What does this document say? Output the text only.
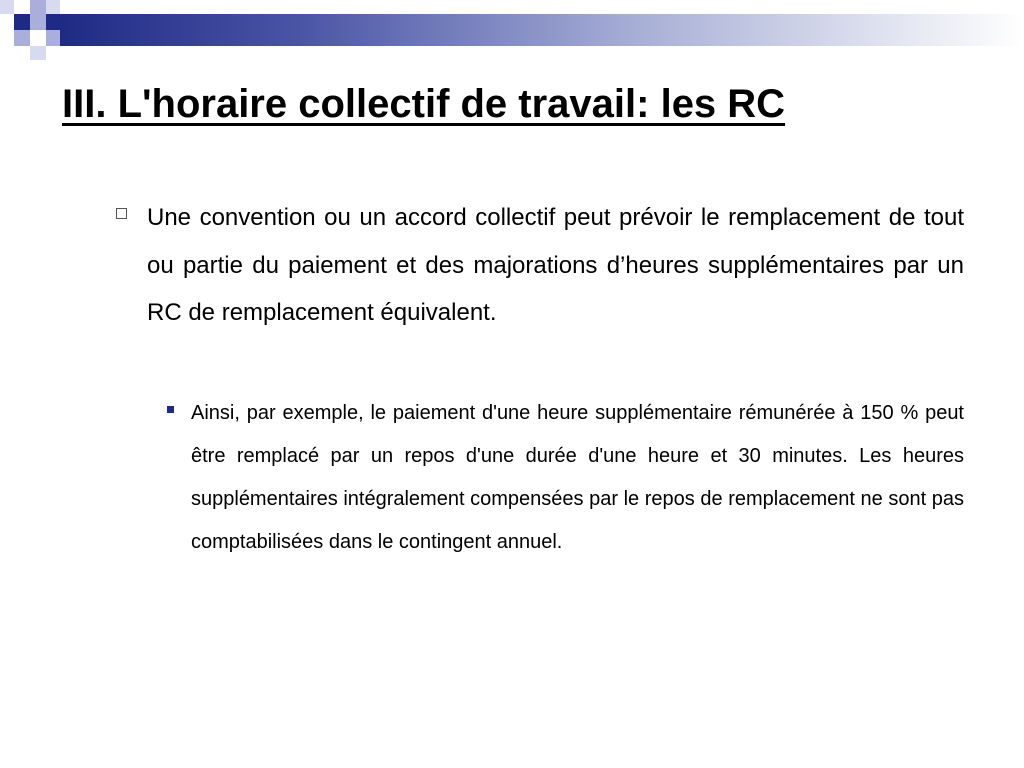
III. L'horaire collectif de travail: les RC
Une convention ou un accord collectif peut prévoir le remplacement de tout ou partie du paiement et des majorations d’heures supplémentaires par un RC de remplacement équivalent.
Ainsi, par exemple, le paiement d'une heure supplémentaire rémunérée à 150 % peut être remplacé par un repos d'une durée d'une heure et 30 minutes. Les heures supplémentaires intégralement compensées par le repos de remplacement ne sont pas comptabilisées dans le contingent annuel.
